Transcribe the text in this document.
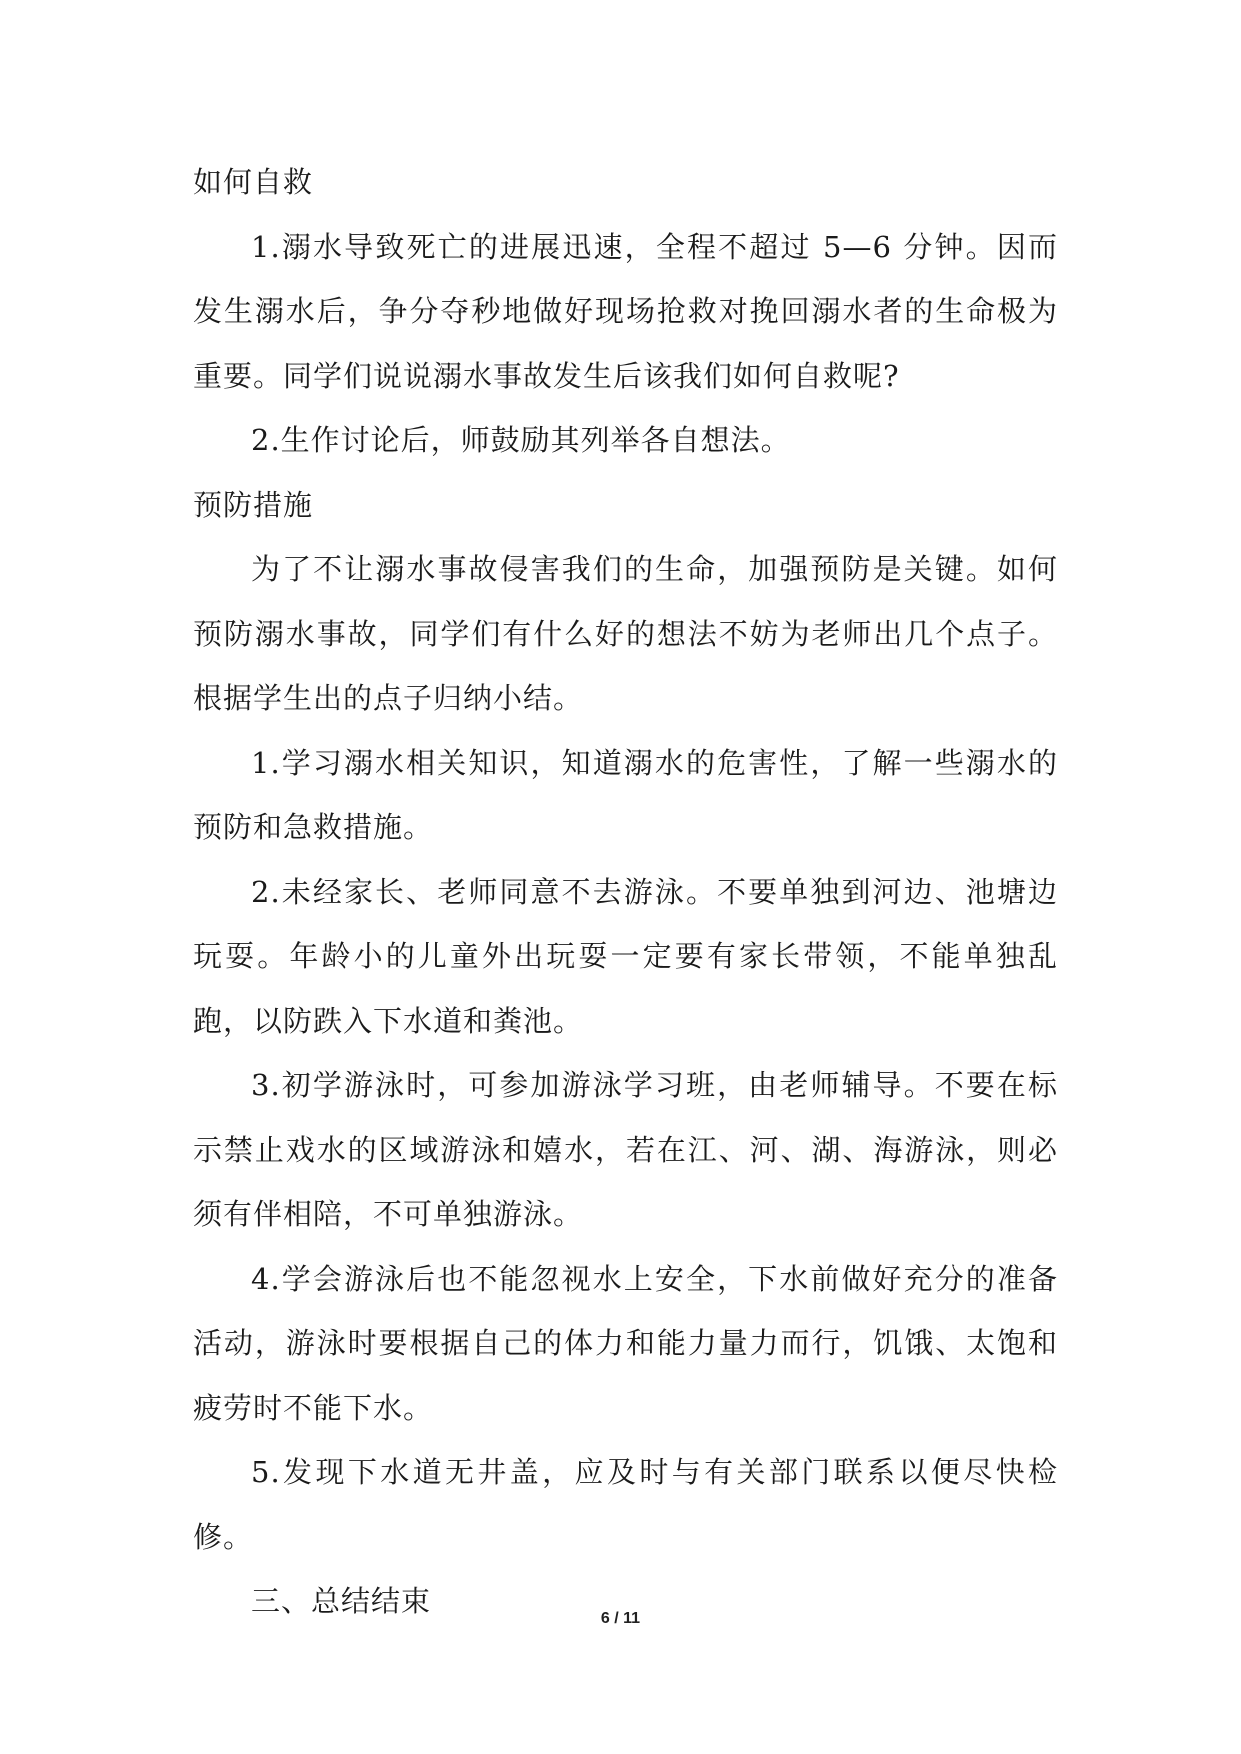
如何自救

1.溺水导致死亡的进展迅速，全程不超过 5—6 分钟。因而发生溺水后，争分夺秒地做好现场抢救对挽回溺水者的生命极为重要。同学们说说溺水事故发生后该我们如何自救呢?

2.生作讨论后，师鼓励其列举各自想法。

预防措施

为了不让溺水事故侵害我们的生命，加强预防是关键。如何预防溺水事故，同学们有什么好的想法不妨为老师出几个点子。根据学生出的点子归纳小结。

1.学习溺水相关知识，知道溺水的危害性，了解一些溺水的预防和急救措施。

2.未经家长、老师同意不去游泳。不要单独到河边、池塘边玩耍。年龄小的儿童外出玩耍一定要有家长带领，不能单独乱跑，以防跌入下水道和粪池。

3.初学游泳时，可参加游泳学习班，由老师辅导。不要在标示禁止戏水的区域游泳和嬉水，若在江、河、湖、海游泳，则必须有伴相陪，不可单独游泳。

4.学会游泳后也不能忽视水上安全，下水前做好充分的准备活动，游泳时要根据自己的体力和能力量力而行，饥饿、太饱和疲劳时不能下水。

5.发现下水道无井盖，应及时与有关部门联系以便尽快检修。

三、总结结束

6 / 11
